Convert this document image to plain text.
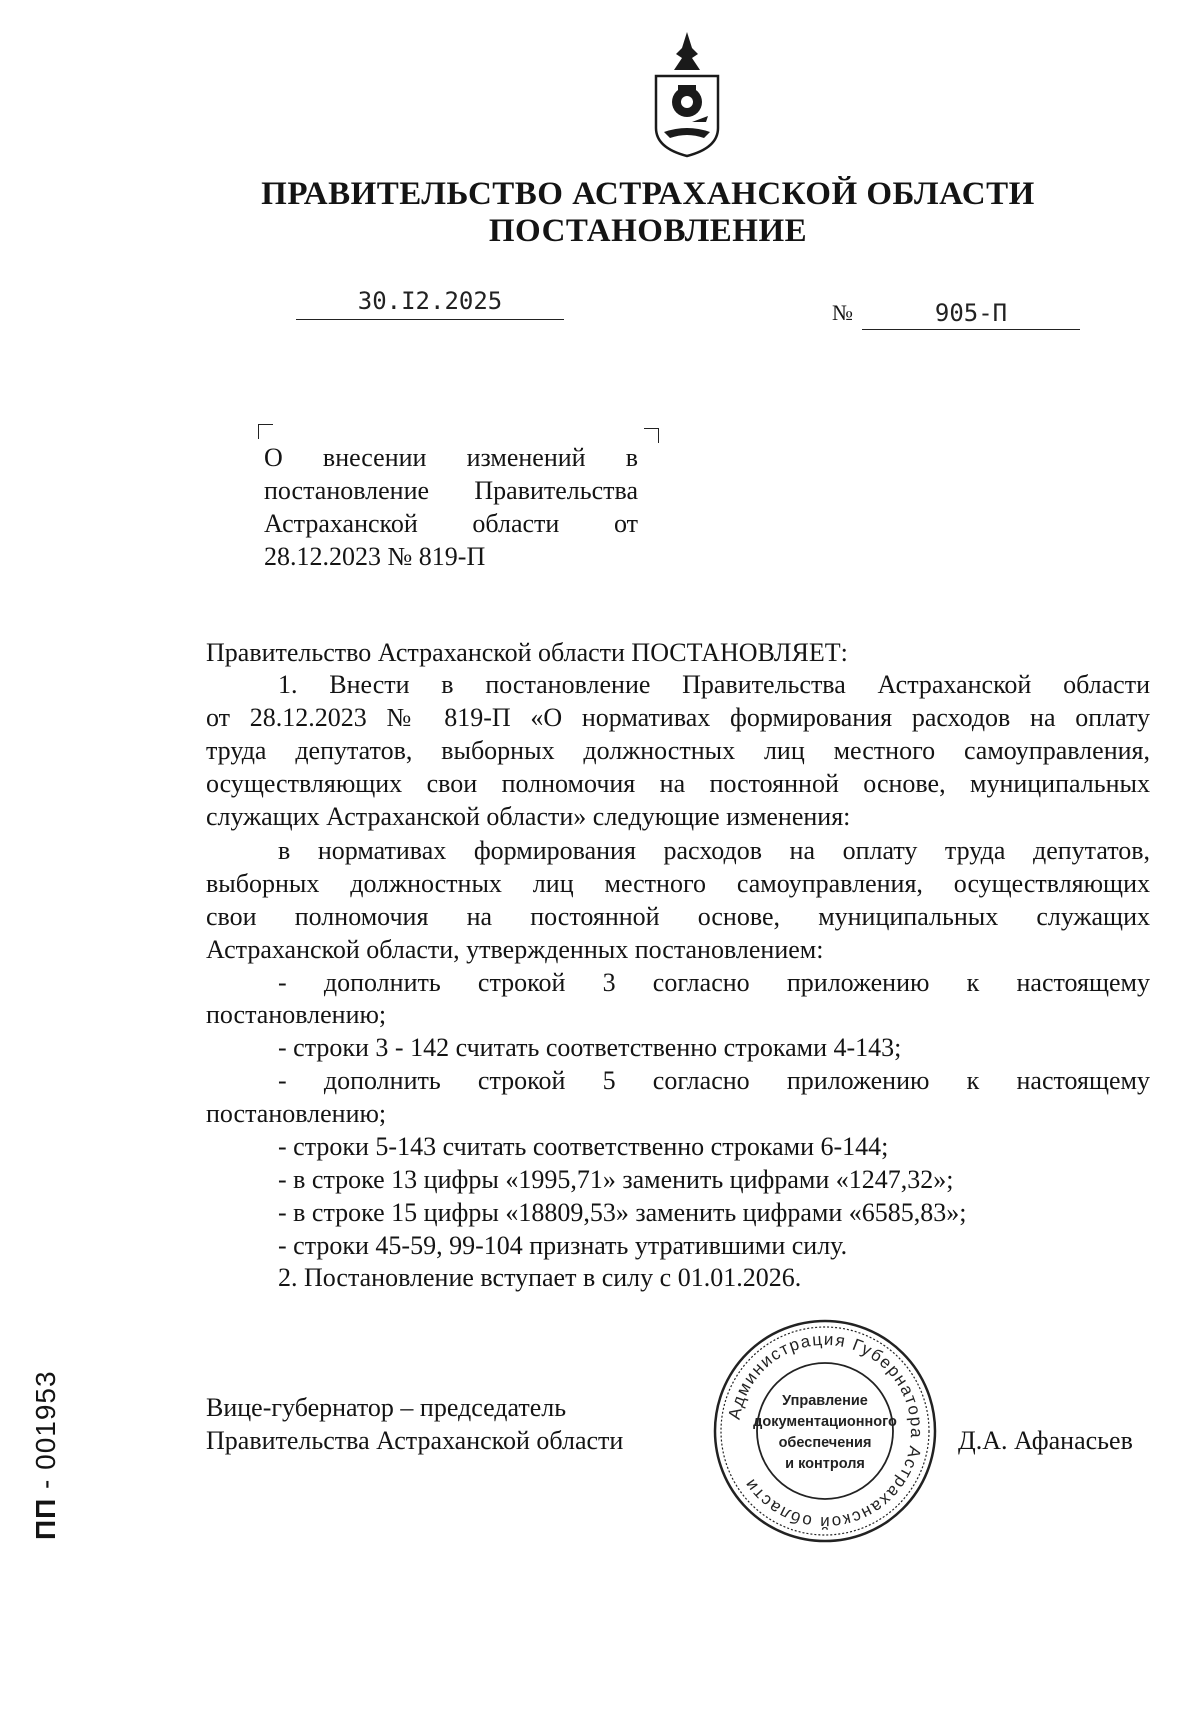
ПРАВИТЕЛЬСТВО АСТРАХАНСКОЙ ОБЛАСТИ
ПОСТАНОВЛЕНИЕ
30.I2.2025	№	905-П
О внесении изменений в
постановление Правительства
Астраханской области от
28.12.2023 № 819-П
Правительство Астраханской области ПОСТАНОВЛЯЕТ:
1. Внести в постановление Правительства Астраханской области
от 28.12.2023 № 819-П «О нормативах формирования расходов на оплату
труда депутатов, выборных должностных лиц местного самоуправления,
осуществляющих свои полномочия на постоянной основе, муниципальных
служащих Астраханской области» следующие изменения:
в нормативах формирования расходов на оплату труда депутатов,
выборных должностных лиц местного самоуправления, осуществляющих
свои полномочия на постоянной основе, муниципальных служащих
Астраханской области, утвержденных постановлением:
- дополнить строкой 3 согласно приложению к настоящему
постановлению;
- строки 3 - 142 считать соответственно строками 4-143;
- дополнить строкой 5 согласно приложению к настоящему
постановлению;
- строки 5-143 считать соответственно строками 6-144;
- в строке 13 цифры «1995,71» заменить цифрами «1247,32»;
- в строке 15 цифры «18809,53» заменить цифрами «6585,83»;
- строки 45-59, 99-104 признать утратившими силу.
2. Постановление вступает в силу с 01.01.2026.
Вице-губернатор – председатель
Правительства Астраханской области	Д.А. Афанасьев
Администрация Губернатора Астраханской области
Управление
документационного
обеспечения
и контроля
ПП - 001953
